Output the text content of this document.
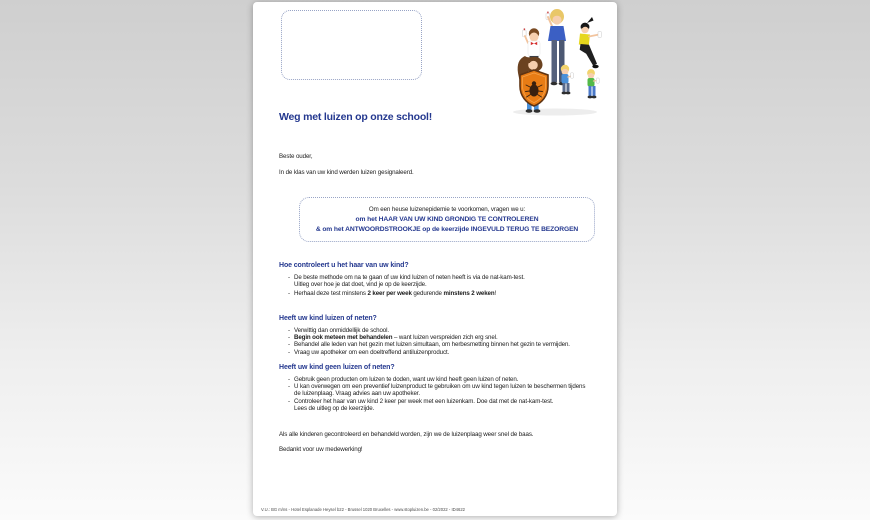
Weg met luizen op onze school!

Beste ouder,

In de klas van uw kind werden luizen gesignaleerd.

Om een heuse luizenepidemie te voorkomen, vragen we u:

om het HAAR VAN UW KIND GRONDIG TE CONTROLEREN

& om het ANTWOORDSTROOKJE op de keerzijde INGEVULD TERUG TE BEZORGEN

Hoe controleert u het haar van uw kind?
- De beste methode om na te gaan of uw kind luizen of neten heeft is via de nat-kam-test.
Uitleg over hoe je dat doet, vind je op de keerzijde.
- Herhaal deze test minstens 2 keer per week gedurende minstens 2 weken!
Heeft uw kind luizen of neten?
- Verwittig dan onmiddellijk de school.
- Begin ook meteen met behandelen – want luizen verspreiden zich erg snel.
- Behandel alle leden van het gezin met luizen simultaan, om herbesmetting binnen het gezin te vermijden.
- Vraag uw apotheker om een doeltreffend antiluizenproduct.
Heeft uw kind geen luizen of neten?
- Gebruik geen producten om luizen te doden, want uw kind heeft geen luizen of neten.
- U kan overwegen om een preventief luizenproduct te gebruiken om uw kind tegen luizen te beschermen tijdens de luizenplaag. Vraag advies aan uw apotheker.
- Controleer het haar van uw kind 2 keer per week met een luizenkam. Doe dat met de nat-kam-test.
Lees de uitleg op de keerzijde.

Als alle kinderen gecontroleerd en behandeld worden, zijn we de luizenplaag weer snel de baas.

Bedankt voor uw medewerking!

V.U.: BG m/ns - Hotel Esplanade Heysel b22 - Brussel 1020 Bruxelles - www.stopluizen.be - 02/2022 - ID4622
